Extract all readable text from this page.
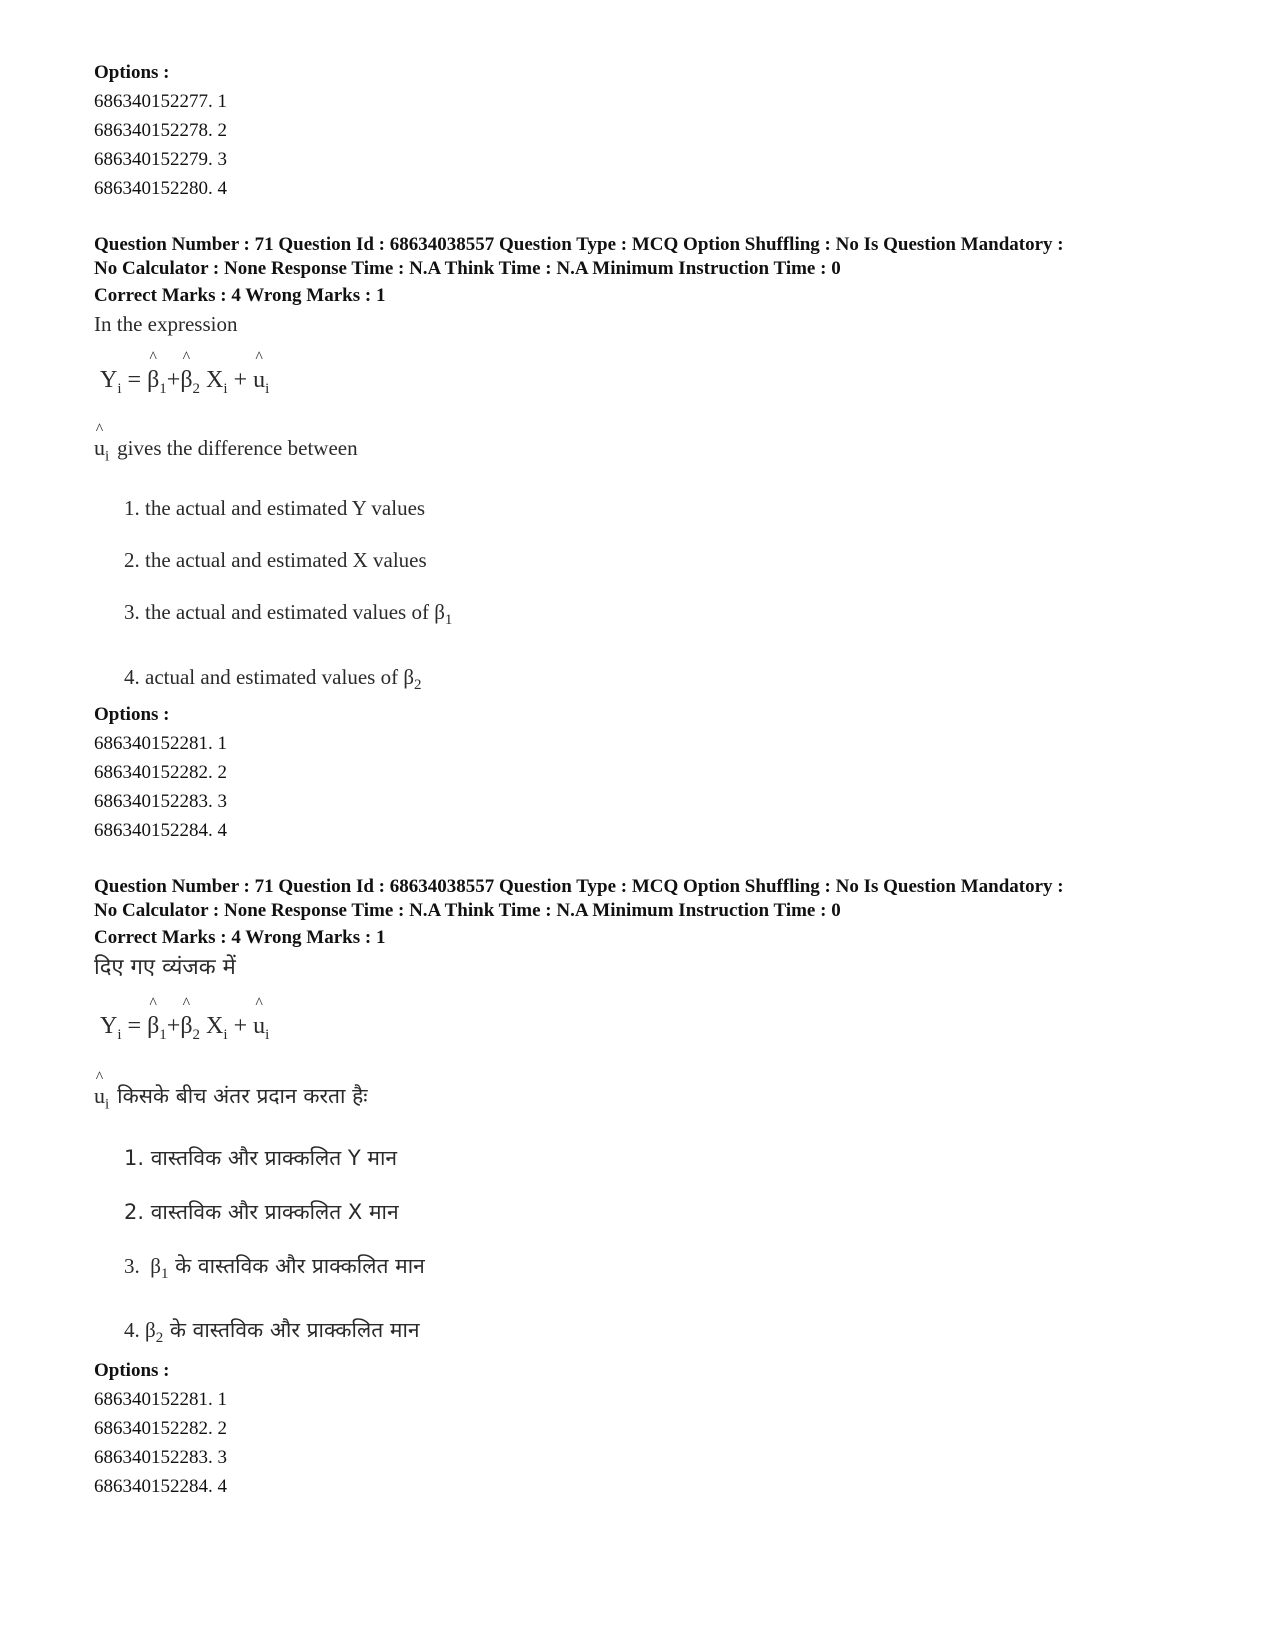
Options :
686340152277. 1
686340152278. 2
686340152279. 3
686340152280. 4
Question Number : 71 Question Id : 68634038557 Question Type : MCQ Option Shuffling : No Is Question Mandatory :
No Calculator : None Response Time : N.A Think Time : N.A Minimum Instruction Time : 0
Correct Marks : 4 Wrong Marks : 1
In the expression
$Y_i$ = ^ $\beta_1+\^{}$ $\beta_2$ $X_i$ + ^ $u_i$
^ $u_i$ gives the difference between
1. the actual and estimated Y values
2. the actual and estimated X values
3. the actual and estimated values of $\beta_1$
4. actual and estimated values of $\beta_2$
Options :
686340152281. 1
686340152282. 2
686340152283. 3
686340152284. 4
Question Number : 71 Question Id : 68634038557 Question Type : MCQ Option Shuffling : No Is Question Mandatory :
No Calculator : None Response Time : N.A Think Time : N.A Minimum Instruction Time : 0
Correct Marks : 4 Wrong Marks : 1
दिए गए व्यंजक में
$Y_i$ = ^ $\beta_1+\^{}$ $\beta_2$ $X_i$ + ^ $u_i$
^ $u_i$ किसके बीच अंतर प्रदान करता हैः
1. वास्तविक और प्राक्कलित Y मान
2. वास्तविक और प्राक्कलित X मान
3.  $\beta_1$ के वास्तविक और प्राक्कलित मान
4. $\beta_2$ के वास्तविक और प्राक्कलित मान
Options :
686340152281. 1
686340152282. 2
686340152283. 3
686340152284. 4
